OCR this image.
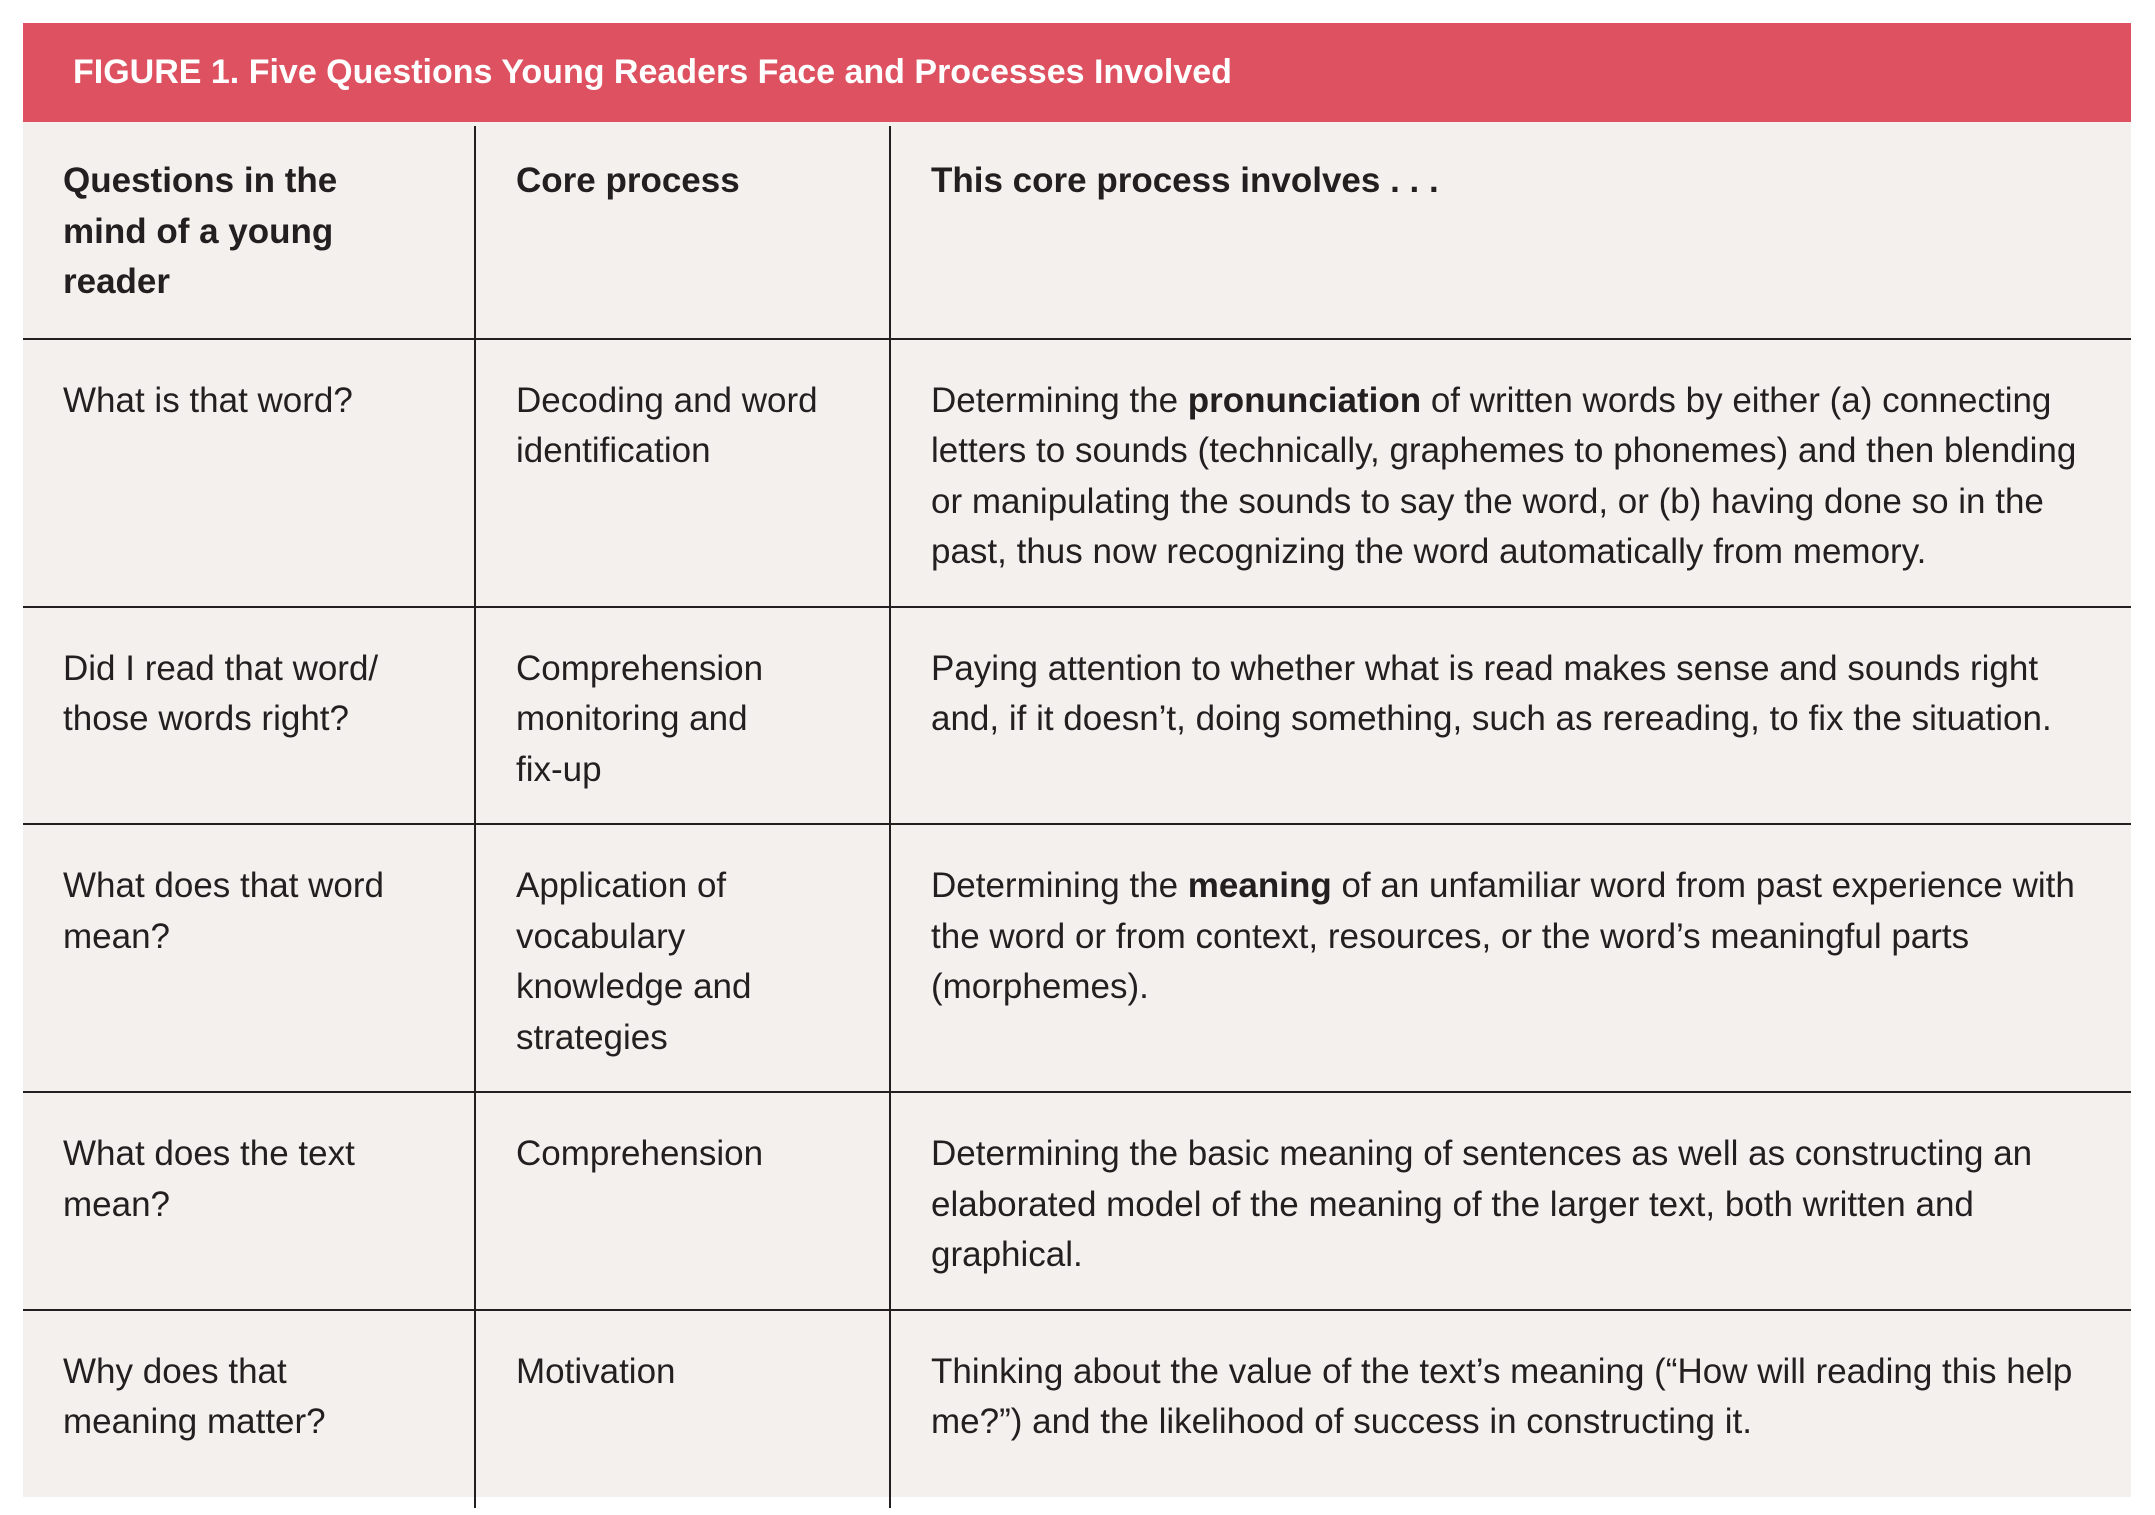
FIGURE 1. Five Questions Young Readers Face and Processes Involved
Questions in the mind of a young reader	Core process	This core process involves . . .
What is that word?	Decoding and word identification	Determining the pronunciation of written words by either (a) connecting letters to sounds (technically, graphemes to phonemes) and then blending or manipulating the sounds to say the word, or (b) having done so in the past, thus now recognizing the word automatically from memory.
Did I read that word/ those words right?	Comprehension monitoring and fix-up	Paying attention to whether what is read makes sense and sounds right and, if it doesn’t, doing something, such as rereading, to fix the situation.
What does that word mean?	Application of vocabulary knowledge and strategies	Determining the meaning of an unfamiliar word from past experience with the word or from context, resources, or the word’s meaningful parts (morphemes).
What does the text mean?	Comprehension	Determining the basic meaning of sentences as well as constructing an elaborated model of the meaning of the larger text, both written and graphical.
Why does that meaning matter?	Motivation	Thinking about the value of the text’s meaning (“How will reading this help me?”) and the likelihood of success in constructing it.
